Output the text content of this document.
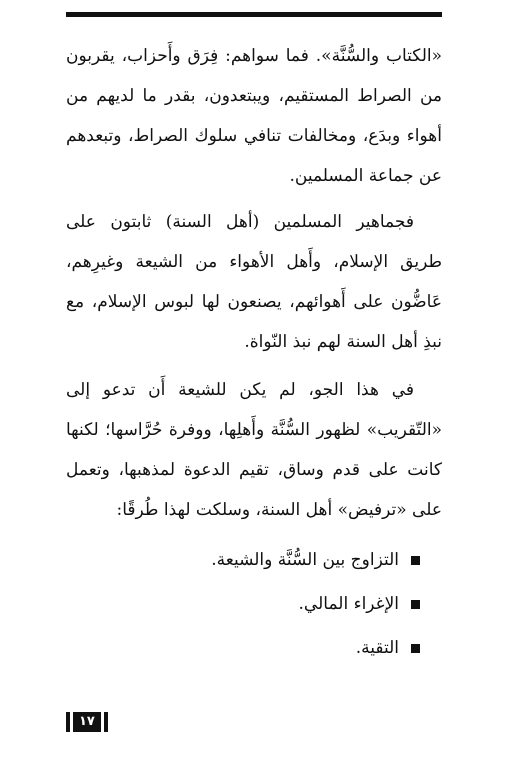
«الكتاب والسُّنَّة». فما سواهم: فِرَق وأَحزاب، يقربون من الصراط المستقيم، ويبتعدون، بقدر ما لديهم من أهواء وبدَع، ومخالفات تنافي سلوك الصراط، وتبعدهم عن جماعة المسلمين.

فجماهير المسلمين (أهل السنة) ثابتون على طريق الإسلام، وأَهل الأهواء من الشيعة وغيرِهم، عَاضُّون على أَهوائهم، يصنعون لها لبوس الإسلام، مع نبذِ أهل السنة لهم نبذ النّواة.

في هذا الجو، لم يكن للشيعة أَن تدعو إلى «التّقريب» لظهور السُّنَّة وأَهلِها، ووفرة حُرَّاسها؛ لكنها كانت على قدم وساق، تقيم الدعوة لمذهبها، وتعمل على «ترفيض» أهل السنة، وسلكت لهذا طُرقًا:

التزاوج بين السُّنَّة والشيعة.
الإغراء المالي.
التقية.
١٧
